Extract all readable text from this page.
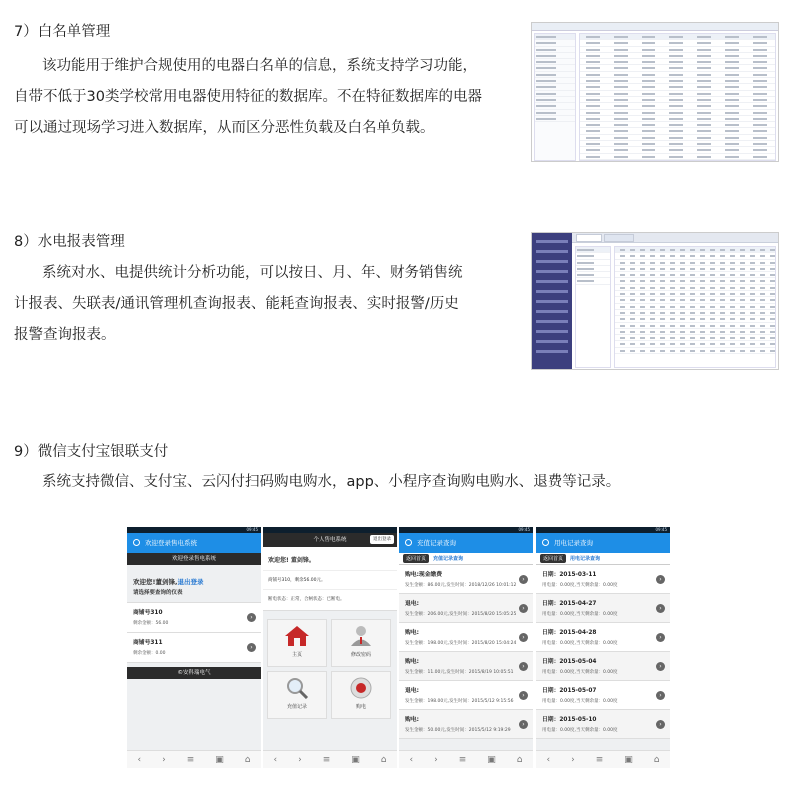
7）白名单管理
该功能用于维护合规使用的电器白名单的信息，系统支持学习功能，
自带不低于30类学校常用电器使用特征的数据库。不在特征数据库的电器
可以通过现场学习进入数据库，从而区分恶性负载及白名单负载。
8）水电报表管理
系统对水、电提供统计分析功能，可以按日、月、年、财务销售统
计报表、失联表/通讯管理机查询报表、能耗查询报表、实时报警/历史
报警查询报表。
9）微信支付宝银联支付
系统支持微信、支付宝、云闪付扫码购电购水，app、小程序查询购电购水、退费等记录。
09:45
欢迎登录售电系统
欢迎登录售电系统
欢迎您!董剑锋,退出登录
请选择要查询的仪表
商铺号310
剩余金额：56.00
›
商铺号311
剩余金额：0.00
›
©安科瑞电气
‹ › ≡ ▣ ⌂
个人售电系统	退出登录
欢迎您! 董剑锋。
商铺号310，剩余56.00元。
断电状态：正常，合闸状态：已断电。
主页	修改密码
充值记录	购电
‹ › ≡ ▣ ⌂
09:45
充值记录查询
返回首页	充值记录查询
购电:现金缴费
发生金额：86.00元,发生时间：2018/12/26 10:01:12
›
退电:
发生金额：206.00元,发生时间：2015/8/20 15:05:25
›
购电:
发生金额：198.00元,发生时间：2015/8/20 15:04:24
›
购电:
发生金额：11.00元,发生时间：2015/8/19 10:05:51
›
退电:
发生金额：198.00元,发生时间：2015/5/12 9:15:56
›
购电:
发生金额：50.00元,发生时间：2015/5/12 9:19:29
›
‹ › ≡ ▣ ⌂
09:45
用电记录查询
返回首页	用电记录查询
日期：2015-03-11
用电量：0.00度,当天剩余量：0.00度
›
日期：2015-04-27
用电量：0.00度,当天剩余量：0.00度
›
日期：2015-04-28
用电量：0.00度,当天剩余量：0.00度
›
日期：2015-05-04
用电量：0.00度,当天剩余量：0.00度
›
日期：2015-05-07
用电量：0.00度,当天剩余量：0.00度
›
日期：2015-05-10
用电量：0.00度,当天剩余量：0.00度
›
‹ › ≡ ▣ ⌂
